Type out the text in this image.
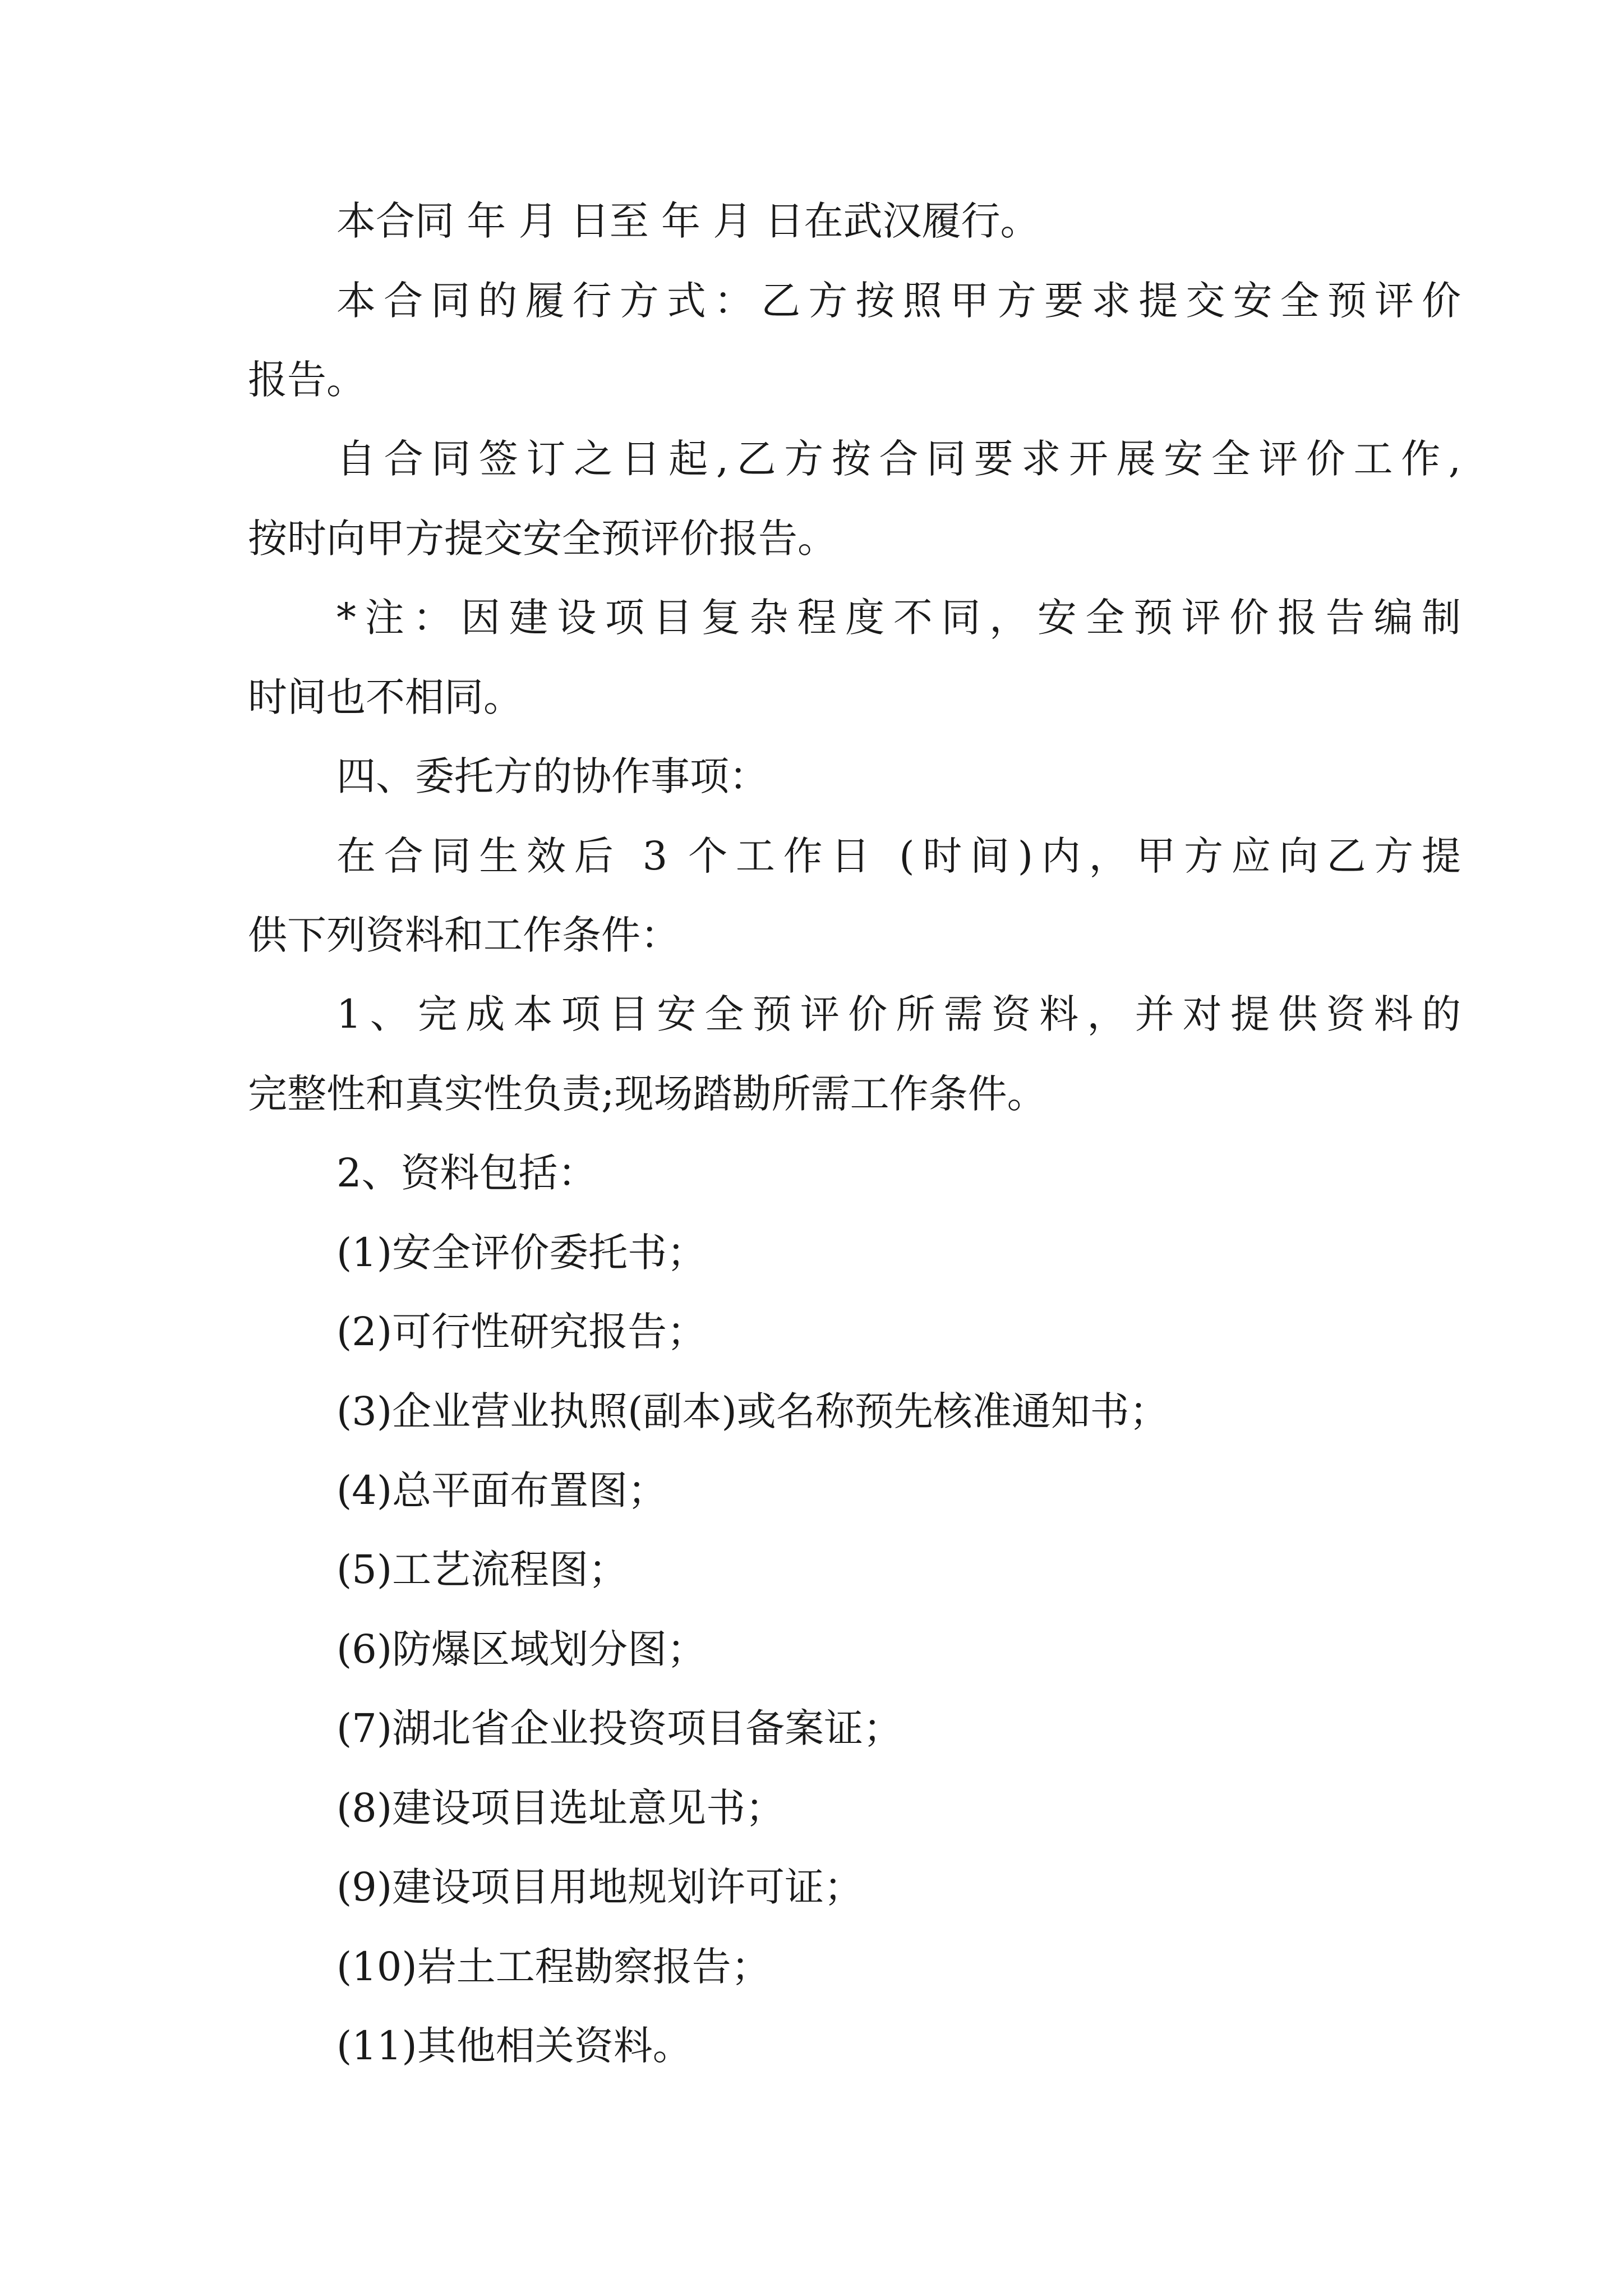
本合同 年 月 日至 年 月 日在武汉履行。
本合同的履行方式：乙方按照甲方要求提交安全预评价
报告。
自合同签订之日起,乙方按合同要求开展安全评价工作,
按时向甲方提交安全预评价报告。
*注：因建设项目复杂程度不同，安全预评价报告编制
时间也不相同。
四、委托方的协作事项：
在合同生效后 3 个工作日 (时间)内，甲方应向乙方提
供下列资料和工作条件：
1、完成本项目安全预评价所需资料，并对提供资料的
完整性和真实性负责;现场踏勘所需工作条件。
2、资料包括：
(1)安全评价委托书；
(2)可行性研究报告；
(3)企业营业执照(副本)或名称预先核准通知书；
(4)总平面布置图；
(5)工艺流程图；
(6)防爆区域划分图；
(7)湖北省企业投资项目备案证；
(8)建设项目选址意见书；
(9)建设项目用地规划许可证；
(10)岩土工程勘察报告；
(11)其他相关资料。
